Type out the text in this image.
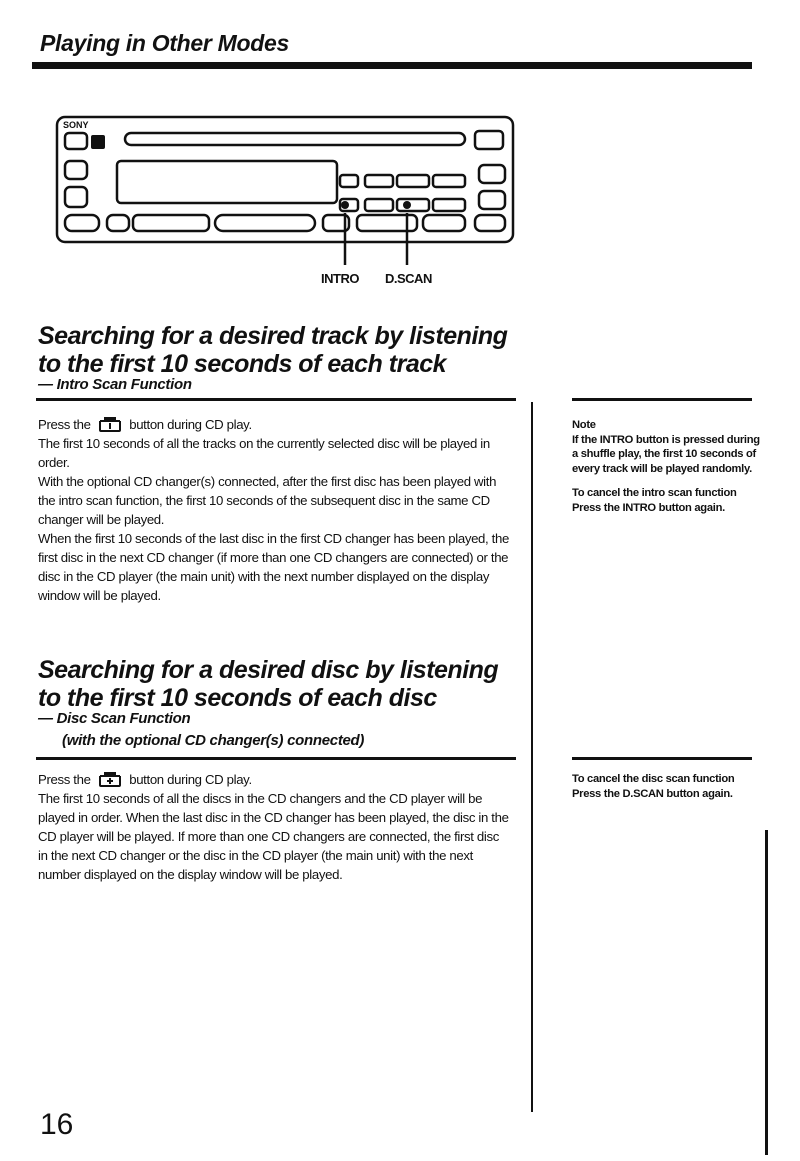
Playing in Other Modes
SONY
INTRO D.SCAN
Searching for a desired track by listening
to the first 10 seconds of each track
— Intro Scan Function

Press the	button during CD play.

The first 10 seconds of all the tracks on the currently selected disc will be played in order.

With the optional CD changer(s) connected, after the first disc has been played with the intro scan function, the first 10 seconds of the subsequent disc in the same CD changer will be played.

When the first 10 seconds of the last disc in the first CD changer has been played, the first disc in the next CD changer (if more than one CD changers are connected) or the disc in the CD player (the main unit) with the next number displayed on the display window will be played.

Note
If the INTRO button is pressed during a shuffle play, the first 10 seconds of every track will be played randomly.

To cancel the intro scan function
Press the INTRO button again.

Searching for a desired disc by listening
to the first 10 seconds of each disc
— Disc Scan Function
(with the optional CD changer(s) connected)

Press the	button during CD play.

The first 10 seconds of all the discs in the CD changers and the CD player will be played in order. When the last disc in the CD changer has been played, the disc in the CD player will be played. If more than one CD changers are connected, the first disc in the next CD changer or the disc in the CD player (the main unit) with the next number displayed on the display window will be played.

To cancel the disc scan function
Press the D.SCAN button again.

16
